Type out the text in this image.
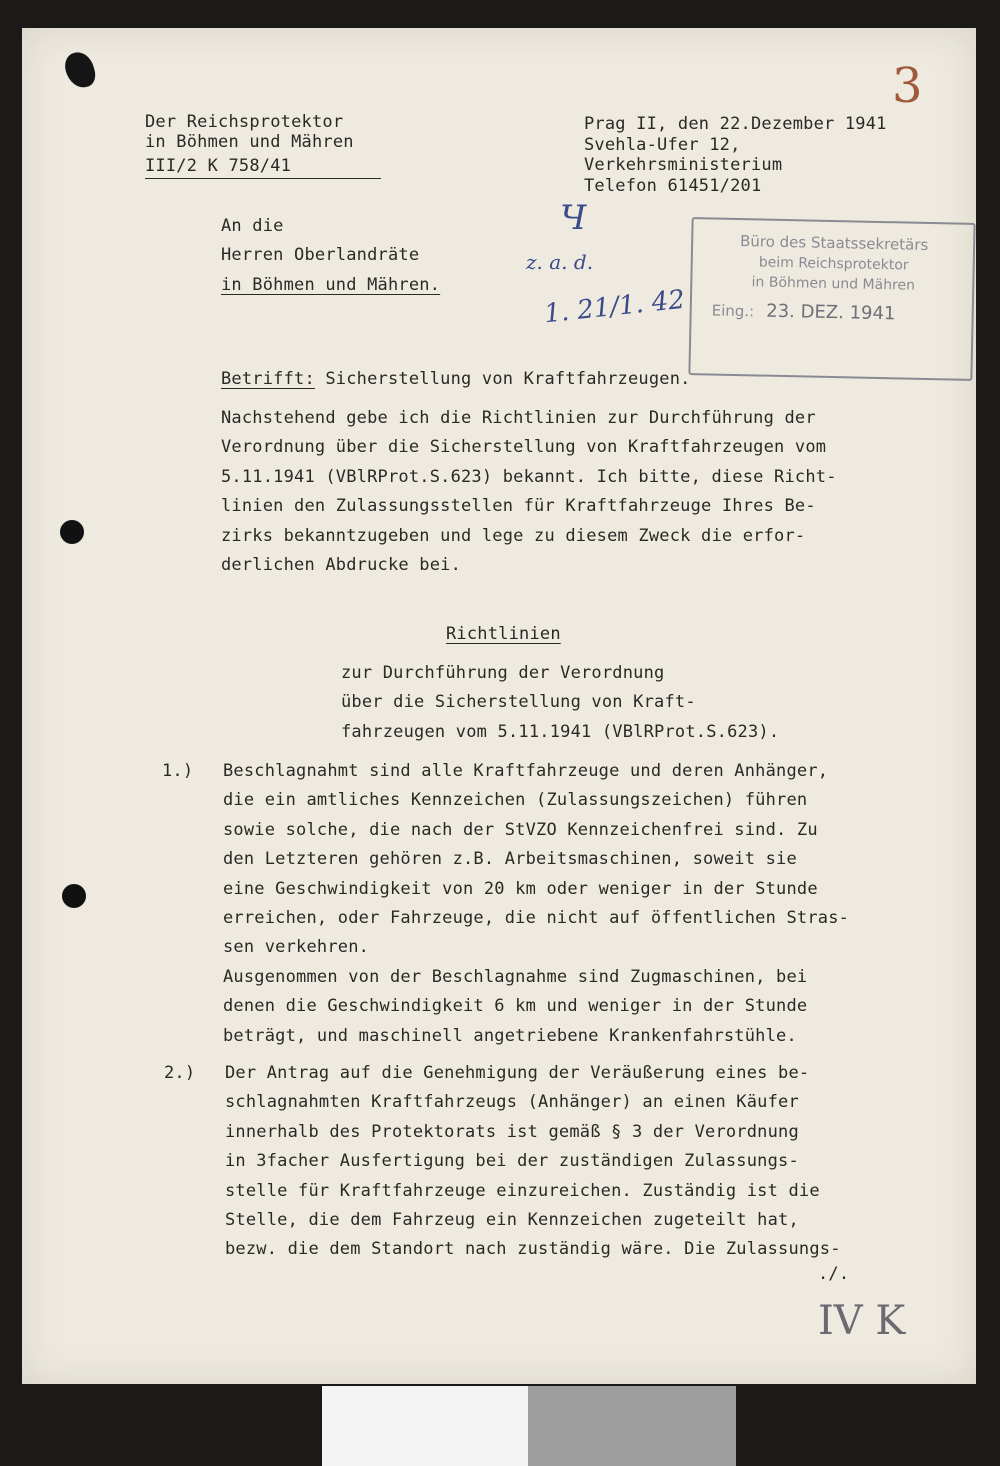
3
Der Reichsprotektor
in Böhmen und Mähren
III/2 K 758/41
Prag II, den 22.Dezember 1941
Svehla-Ufer 12,
Verkehrsministerium
Telefon 61451/201
An die
Herren Oberlandräte
in Böhmen und Mähren.
Ч
z. a. d.
1. 21/1. 42
Büro des Staatssekretärs
beim Reichsprotektor
in Böhmen und Mähren
Eing.: 23. DEZ. 1941
Betrifft: Sicherstellung von Kraftfahrzeugen.
Nachstehend gebe ich die Richtlinien zur Durchführung der
Verordnung über die Sicherstellung von Kraftfahrzeugen vom
5.11.1941 (VBlRProt.S.623) bekannt. Ich bitte, diese Richt-
linien den Zulassungsstellen für Kraftfahrzeuge Ihres Be-
zirks bekanntzugeben und lege zu diesem Zweck die erfor-
derlichen Abdrucke bei.
Richtlinien
zur Durchführung der Verordnung
über die Sicherstellung von Kraft-
fahrzeugen vom 5.11.1941 (VBlRProt.S.623).
1.) Beschlagnahmt sind alle Kraftfahrzeuge und deren Anhänger,
die ein amtliches Kennzeichen (Zulassungszeichen) führen
sowie solche, die nach der StVZO Kennzeichenfrei sind. Zu
den Letzteren gehören z.B. Arbeitsmaschinen, soweit sie
eine Geschwindigkeit von 20 km oder weniger in der Stunde
erreichen, oder Fahrzeuge, die nicht auf öffentlichen Stras-
sen verkehren.
Ausgenommen von der Beschlagnahme sind Zugmaschinen, bei
denen die Geschwindigkeit 6 km und weniger in der Stunde
beträgt, und maschinell angetriebene Krankenfahrstühle.
2.) Der Antrag auf die Genehmigung der Veräußerung eines be-
schlagnahmten Kraftfahrzeugs (Anhänger) an einen Käufer
innerhalb des Protektorats ist gemäß § 3 der Verordnung
in 3facher Ausfertigung bei der zuständigen Zulassungs-
stelle für Kraftfahrzeuge einzureichen. Zuständig ist die
Stelle, die dem Fahrzeug ein Kennzeichen zugeteilt hat,
bezw. die dem Standort nach zuständig wäre. Die Zulassungs-
./.
IV K
